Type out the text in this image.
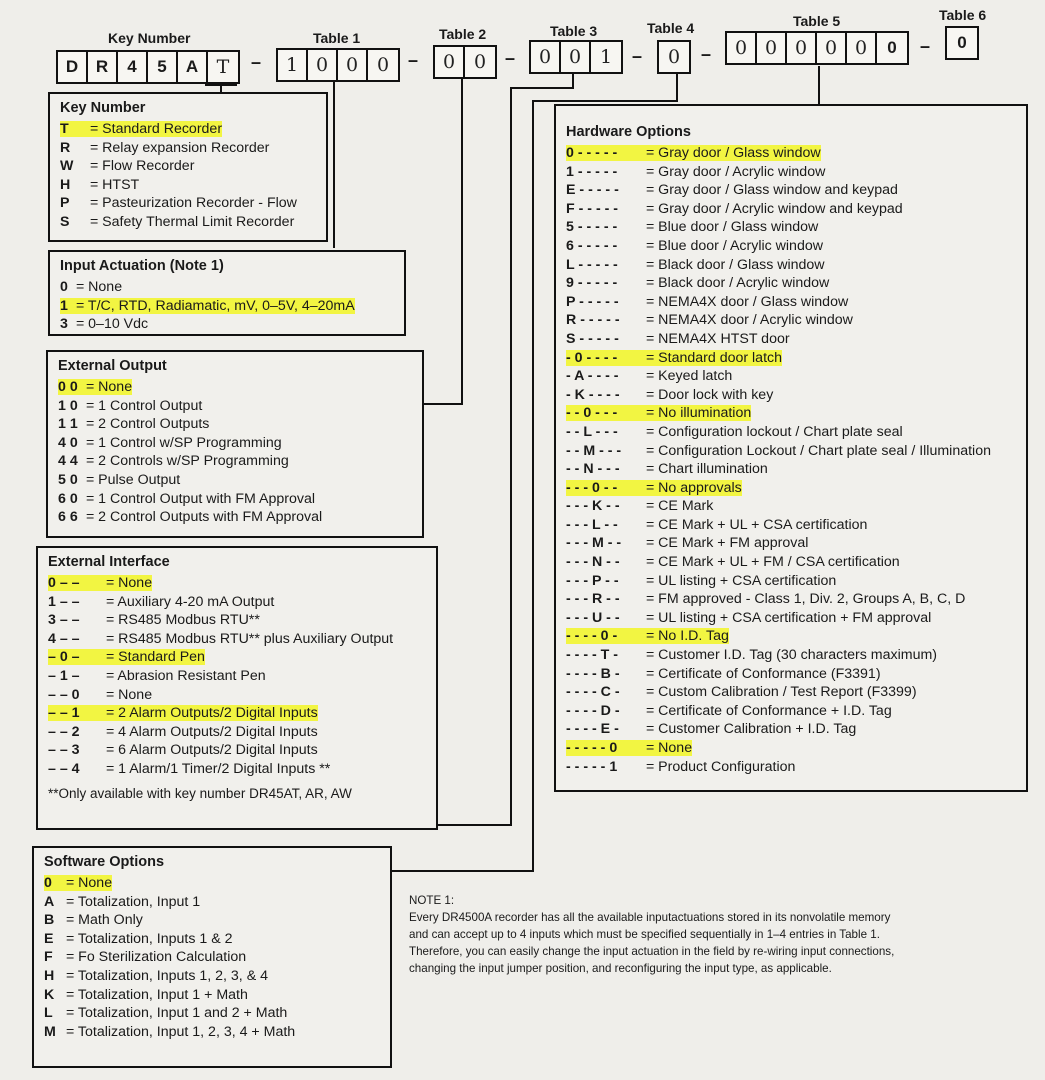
Key Number	Table 1	Table 2	Table 3	Table 4	Table 5	Table 6
D	R	4	5	A T	–	1 0 0 0	–	0 0	–	0 0 1	–	0	–	0 0 0 0 0	0	–	0
Key Number
T = Standard Recorder
R = Relay expansion Recorder
W = Flow Recorder
H = HTST
P = Pasteurization Recorder - Flow
S = Safety Thermal Limit Recorder
Input Actuation (Note 1)
0 = None
1 = T/C, RTD, Radiamatic, mV, 0–5V, 4–20mA
3 = 0–10 Vdc
External Output
0 0 = None
1 0 = 1 Control Output
1 1 = 2 Control Outputs
4 0 = 1 Control w/SP Programming
4 4 = 2 Controls w/SP Programming
5 0 = Pulse Output
6 0 = 1 Control Output with FM Approval
6 6 = 2 Control Outputs with FM Approval
External Interface
0 – – = None
1 – – = Auxiliary 4-20 mA Output
3 – – = RS485 Modbus RTU**
4 – – = RS485 Modbus RTU** plus Auxiliary Output
– 0 – = Standard Pen
– 1 – = Abrasion Resistant Pen
– – 0 = None
– – 1 = 2 Alarm Outputs/2 Digital Inputs
– – 2 = 4 Alarm Outputs/2 Digital Inputs
– – 3 = 6 Alarm Outputs/2 Digital Inputs
– – 4 = 1 Alarm/1 Timer/2 Digital Inputs **
**Only available with key number DR45AT, AR, AW
Software Options
0 = None
A = Totalization, Input 1
B = Math Only
E = Totalization, Inputs 1 & 2
F = Fo Sterilization Calculation
H = Totalization, Inputs 1, 2, 3, & 4
K = Totalization, Input 1 + Math
L = Totalization, Input 1 and 2 + Math
M = Totalization, Input 1, 2, 3, 4 + Math
Hardware Options
0 - - - - - = Gray door / Glass window
1 - - - - - = Gray door / Acrylic window
E - - - - - = Gray door / Glass window and keypad
F - - - - - = Gray door / Acrylic window and keypad
5 - - - - - = Blue door / Glass window
6 - - - - - = Blue door / Acrylic window
L - - - - - = Black door / Glass window
9 - - - - - = Black door / Acrylic window
P - - - - - = NEMA4X door / Glass window
R - - - - - = NEMA4X door / Acrylic window
S - - - - - = NEMA4X HTST door
- 0 - - - - = Standard door latch
- A - - - - = Keyed latch
- K - - - - = Door lock with key
- - 0 - - - = No illumination
- - L - - - = Configuration lockout / Chart plate seal
- - M - - - = Configuration Lockout / Chart plate seal / Illumination
- - N - - - = Chart illumination
- - - 0 - - = No approvals
- - - K - - = CE Mark
- - - L - - = CE Mark + UL + CSA certification
- - - M - - = CE Mark + FM approval
- - - N - - = CE Mark + UL + FM / CSA certification
- - - P - - = UL listing + CSA certification
- - - R - - = FM approved - Class 1, Div. 2, Groups A, B, C, D
- - - U - - = UL listing + CSA certification + FM approval
- - - - 0 - = No I.D. Tag
- - - - T - = Customer I.D. Tag (30 characters maximum)
- - - - B - = Certificate of Conformance (F3391)
- - - - C - = Custom Calibration / Test Report (F3399)
- - - - D - = Certificate of Conformance + I.D. Tag
- - - - E - = Customer Calibration + I.D. Tag
- - - - - 0 = None
- - - - - 1 = Product Configuration
NOTE 1:
Every DR4500A recorder has all the available inputactuations stored in its nonvolatile memory
and can accept up to 4 inputs which must be specified sequentially in 1–4 entries in Table 1.
Therefore, you can easily change the input actuation in the field by re-wiring input connections,
changing the input jumper position, and reconfiguring the input type, as applicable.
